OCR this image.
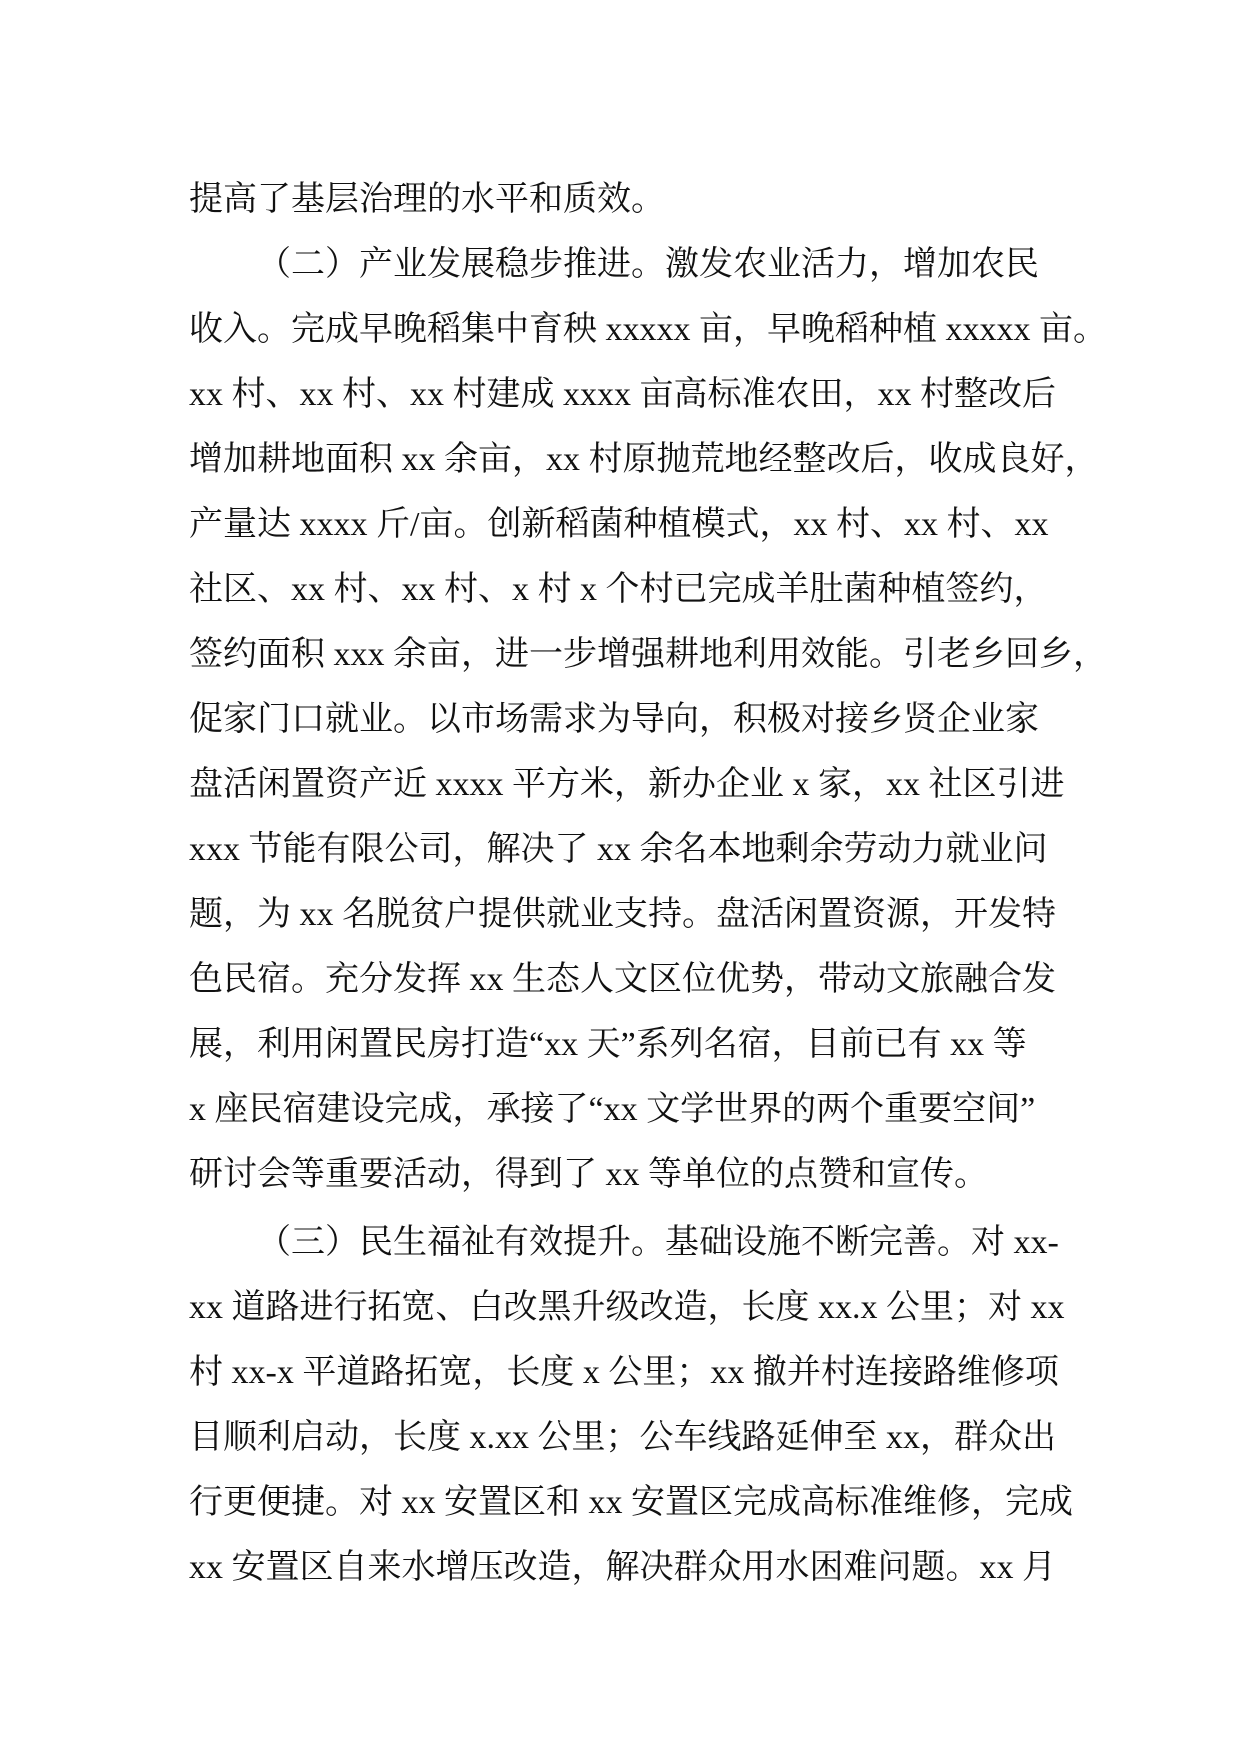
提高了基层治理的水平和质效。
（二）产业发展稳步推进。激发农业活力，增加农民
收入。完成早晚稻集中育秧 xxxxx 亩，早晚稻种植 xxxxx 亩。
xx 村、xx 村、xx 村建成 xxxx 亩高标准农田，xx 村整改后
增加耕地面积 xx 余亩，xx 村原抛荒地经整改后，收成良好，
产量达 xxxx 斤/亩。创新稻菌种植模式，xx 村、xx 村、xx
社区、xx 村、xx 村、x 村 x 个村已完成羊肚菌种植签约，
签约面积 xxx 余亩，进一步增强耕地利用效能。引老乡回乡，
促家门口就业。以市场需求为导向，积极对接乡贤企业家
盘活闲置资产近 xxxx 平方米，新办企业 x 家，xx 社区引进
xxx 节能有限公司，解决了 xx 余名本地剩余劳动力就业问
题，为 xx 名脱贫户提供就业支持。盘活闲置资源，开发特
色民宿。充分发挥 xx 生态人文区位优势，带动文旅融合发
展，利用闲置民房打造“xx 天”系列名宿，目前已有 xx 等
x 座民宿建设完成，承接了“xx 文学世界的两个重要空间”
研讨会等重要活动，得到了 xx 等单位的点赞和宣传。
（三）民生福祉有效提升。基础设施不断完善。对 xx-
xx 道路进行拓宽、白改黑升级改造，长度 xx.x 公里；对 xx
村 xx-x 平道路拓宽，长度 x 公里；xx 撤并村连接路维修项
目顺利启动，长度 x.xx 公里；公车线路延伸至 xx，群众出
行更便捷。对 xx 安置区和 xx 安置区完成高标准维修，完成
xx 安置区自来水增压改造，解决群众用水困难问题。xx 月
